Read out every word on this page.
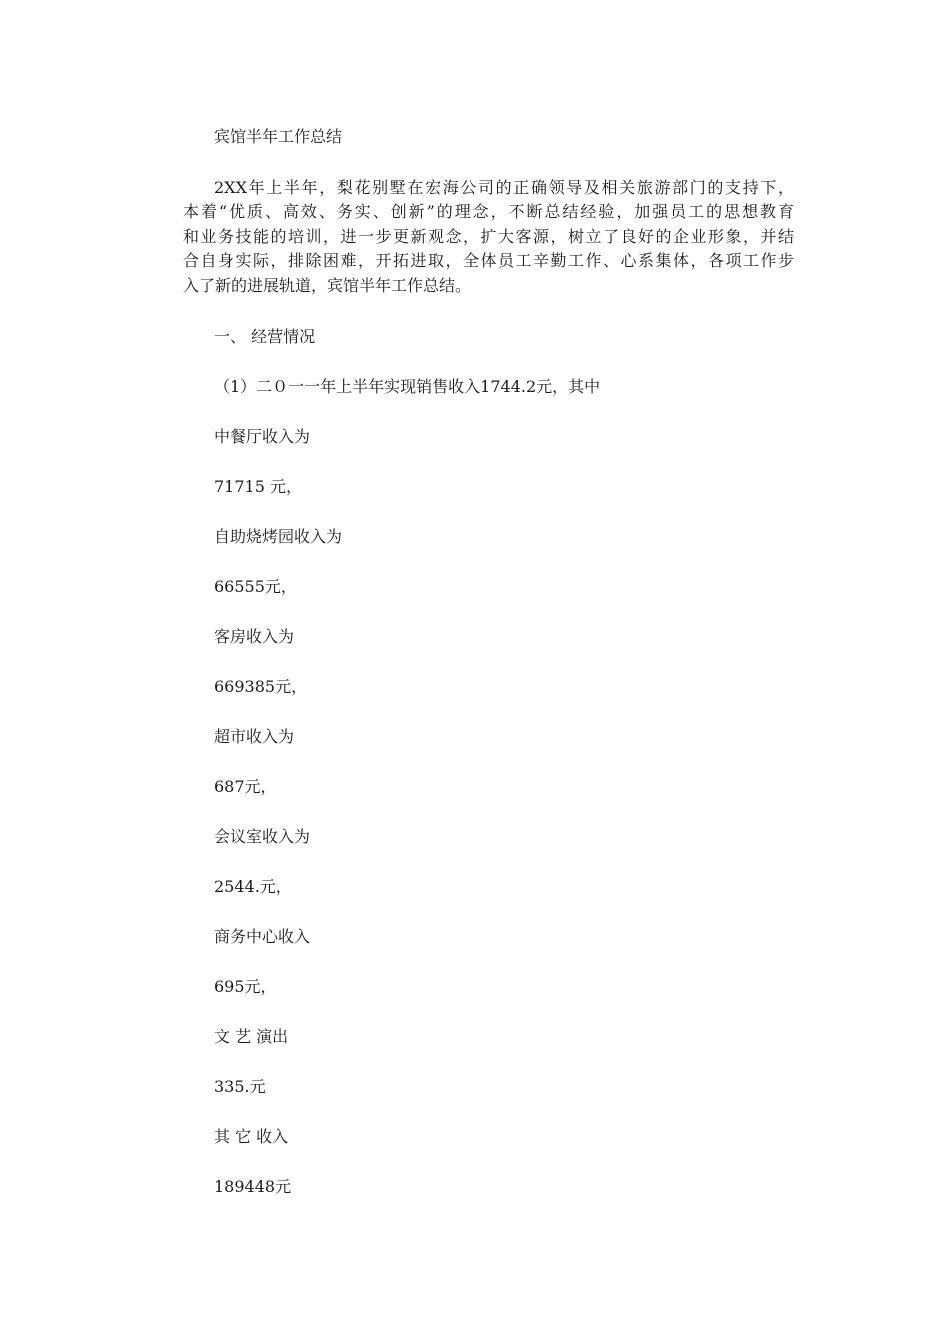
宾馆半年工作总结
2XX年上半年，梨花别墅在宏海公司的正确领导及相关旅游部门的支持下，
本着“优质、高效、务实、创新”的理念，不断总结经验，加强员工的思想教育
和业务技能的培训，进一步更新观念，扩大客源，树立了良好的企业形象，并结
合自身实际，排除困难，开拓进取，全体员工辛勤工作、心系集体，各项工作步
入了新的进展轨道，宾馆半年工作总结。

一、 经营情况

（1）二０一一年上半年实现销售收入1744.2元，其中

中餐厅收入为

71715 元，

自助烧烤园收入为

66555元，

客房收入为

669385元，

超市收入为

687元，

会议室收入为

2544.元，

商务中心收入

695元，

文 艺 演出

335.元

其 它 收入

189448元
